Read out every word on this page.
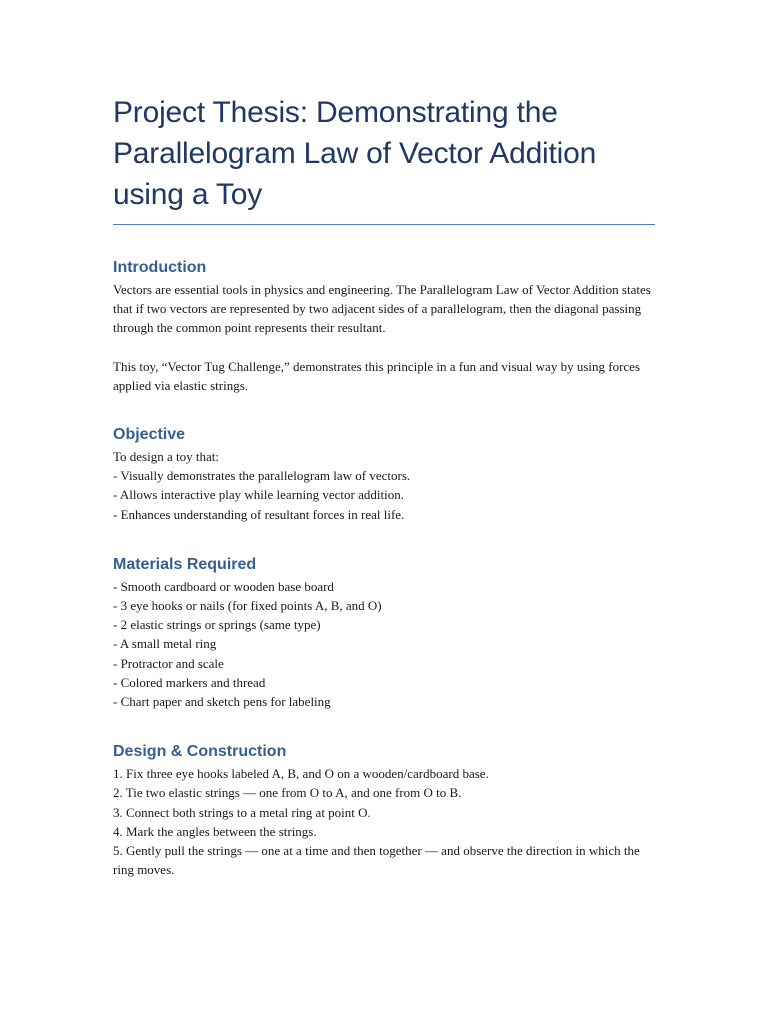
Project Thesis: Demonstrating the Parallelogram Law of Vector Addition using a Toy
Introduction

Vectors are essential tools in physics and engineering. The Parallelogram Law of Vector Addition states that if two vectors are represented by two adjacent sides of a parallelogram, then the diagonal passing through the common point represents their resultant.

This toy, “Vector Tug Challenge,” demonstrates this principle in a fun and visual way by using forces applied via elastic strings.

Objective

To design a toy that:

- Visually demonstrates the parallelogram law of vectors.
- Allows interactive play while learning vector addition.
- Enhances understanding of resultant forces in real life.
Materials Required
- Smooth cardboard or wooden base board
- 3 eye hooks or nails (for fixed points A, B, and O)
- 2 elastic strings or springs (same type)
- A small metal ring
- Protractor and scale
- Colored markers and thread
- Chart paper and sketch pens for labeling
Design & Construction
1. Fix three eye hooks labeled A, B, and O on a wooden/cardboard base.
2. Tie two elastic strings — one from O to A, and one from O to B.
3. Connect both strings to a metal ring at point O.
4. Mark the angles between the strings.
5. Gently pull the strings — one at a time and then together — and observe the direction in which the ring moves.
